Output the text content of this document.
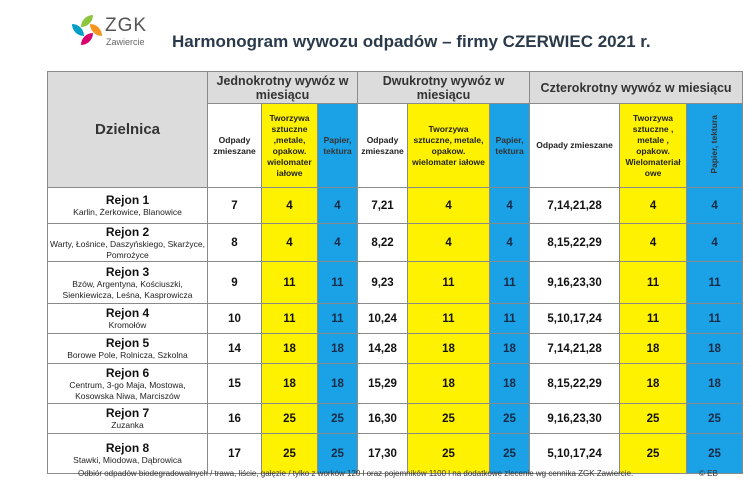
ZGK
Zawiercie Harmonogram wywozu odpadów – firmy CZERWIEC 2021 r.
Dzielnica	Jednokrotny wywóz w miesiącu			Dwukrotny wywóz w miesiącu			Czterokrotny wywóz w miesiącu		
	Odpady zmieszane	Tworzywa sztuczne ,metale, opakow. wielomater iałowe	Papier, tektura	Odpady zmieszane	Tworzywa sztuczne, metale, opakow. wielomater iałowe	Papier, tektura	Odpady zmieszane	Tworzywa sztuczne , metale , opakow. Wielomateriał owe	Papier, tektura

Rejon 1
Karlin, Żerkowice, Blanowice	7	4	4	7,21	4	4	7,14,21,28	4	4

Rejon 2
Warty, Łośnice, Daszyńskiego, Skarżyce, Pomrożyce	8	4	4	8,22	4	4	8,15,22,29	4	4

Rejon 3
Bzów, Argentyna, Kościuszki, Sienkiewicza, Leśna, Kasprowicza	9	11	11	9,23	11	11	9,16,23,30	11	11

Rejon 4
Kromołów	10	11	11	10,24	11	11	5,10,17,24	11	11

Rejon 5
Borowe Pole, Rolnicza, Szkolna	14	18	18	14,28	18	18	7,14,21,28	18	18

Rejon 6
Centrum, 3-go Maja, Mostowa, Kosowska Niwa, Marciszów	15	18	18	15,29	18	18	8,15,22,29	18	18

Rejon 7
Zuzanka	16	25	25	16,30	25	25	9,16,23,30	25	25

Rejon 8
Stawki, Miodowa, Dąbrowica	17	25	25	17,30	25	25	5,10,17,24	25	25
Odbiór odpadów biodegradowalnych / trawa, liście, gałęzie / tylko z worków 120 l oraz pojemników 1100 l na dodatkowe zlecenie wg cennika ZGK Zawiercie.	© EB
